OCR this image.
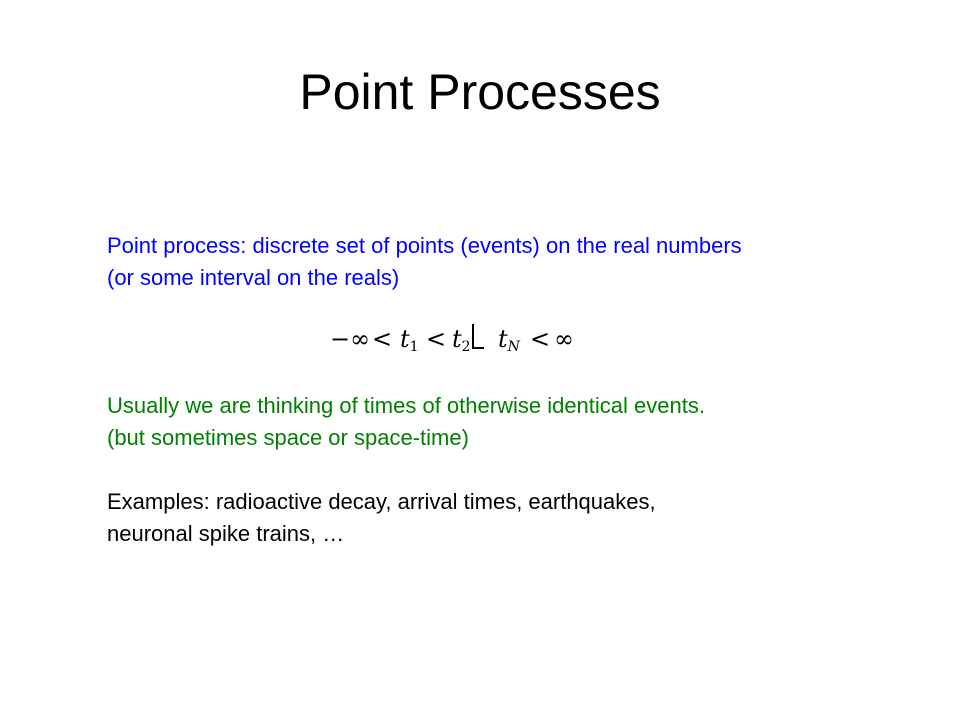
Point Processes

Point process: discrete set of points (events) on the real numbers
(or some interval on the reals)

−∞ < $t_1 < t_2$ $t_N$ < ∞

Usually we are thinking of times of otherwise identical events.
(but sometimes space or space-time)

Examples: radioactive decay, arrival times, earthquakes,
neuronal spike trains, …
